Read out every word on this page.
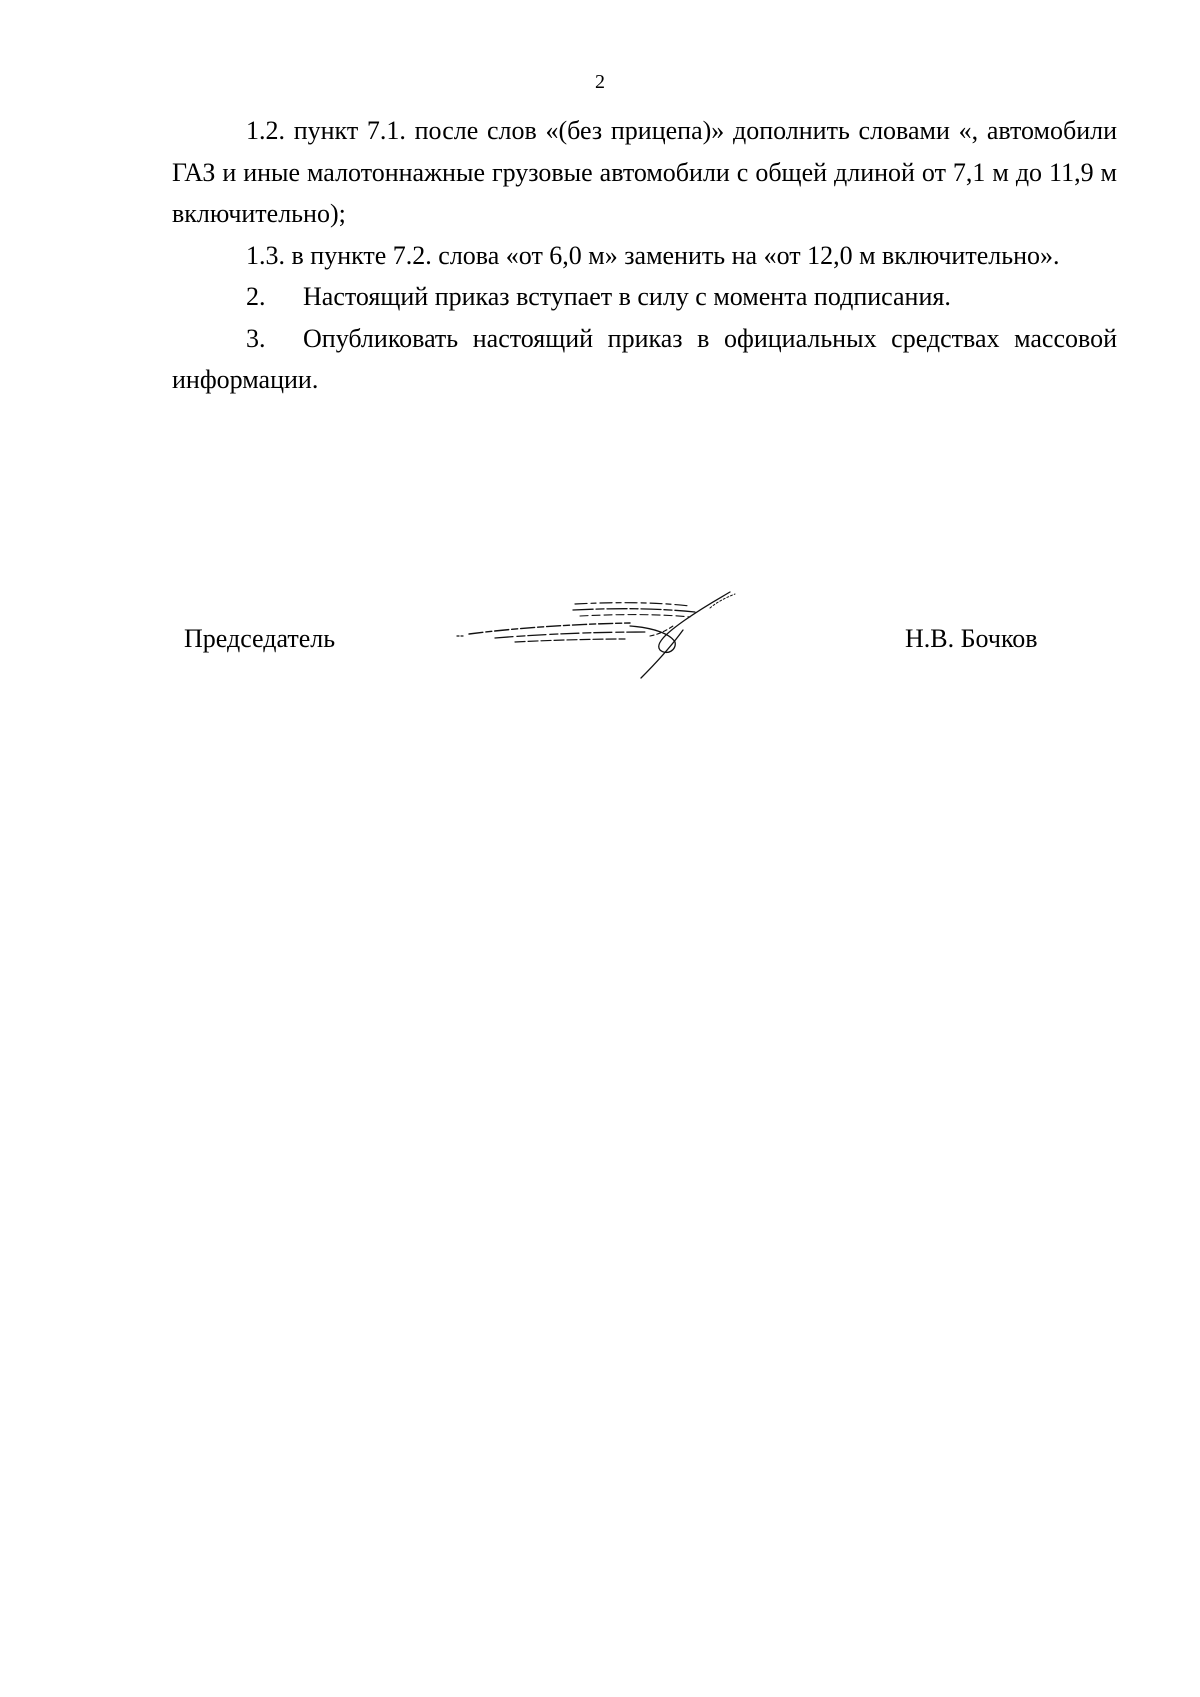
2

1.2. пункт 7.1. после слов «(без прицепа)» дополнить словами «, автомобили ГАЗ и иные малотоннажные грузовые автомобили с общей длиной от 7,1 м до 11,9 м включительно);

1.3. в пункте 7.2. слова «от 6,0 м» заменить на «от 12,0 м включительно».

2. Настоящий приказ вступает в силу с момента подписания.

3. Опубликовать настоящий приказ в официальных средствах массовой информации.

Председатель	Н.В. Бочков
